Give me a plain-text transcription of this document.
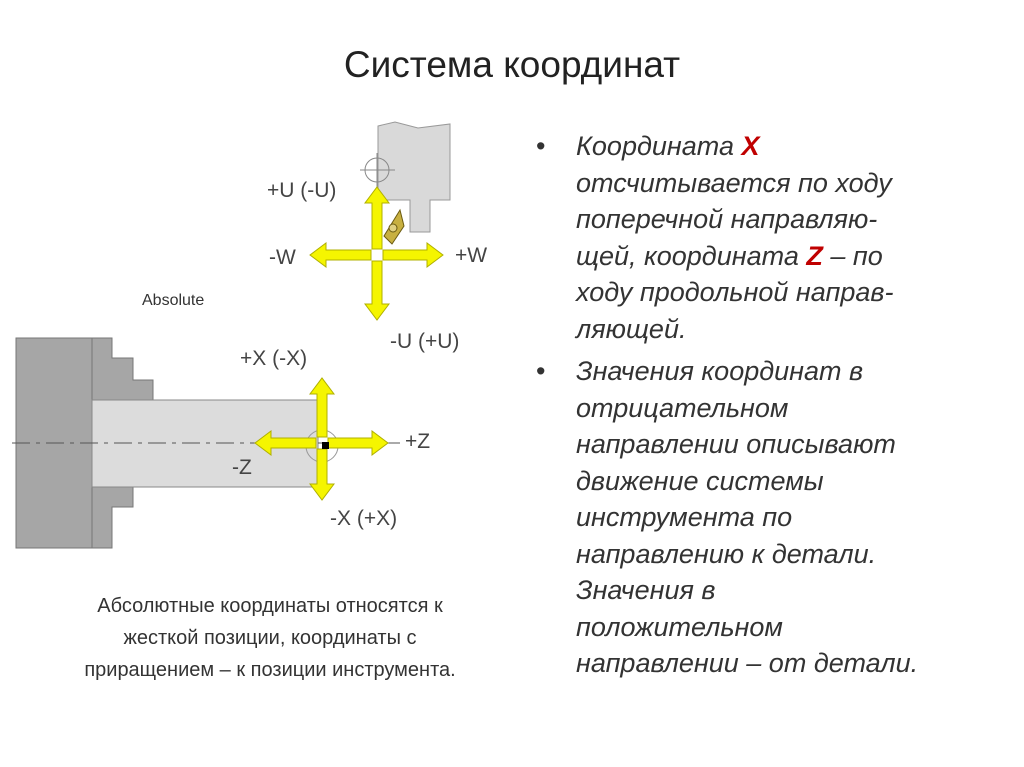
Система координат
+U (-U)
-W	+W
Absolute
-U (+U)
+X (-X)
+Z
-Z
-X (+X)
Абсолютные координаты относятся к
жесткой позиции, координаты с
приращением – к позиции инструмента.
• Координата X
отсчитывается по ходу
поперечной направляю-
щей, координата Z – по
ходу продольной направ-
ляющей.
• Значения координат в
отрицательном
направлении описывают
движение системы
инструмента по
направлению к детали.
Значения в
положительном
направлении – от детали.
